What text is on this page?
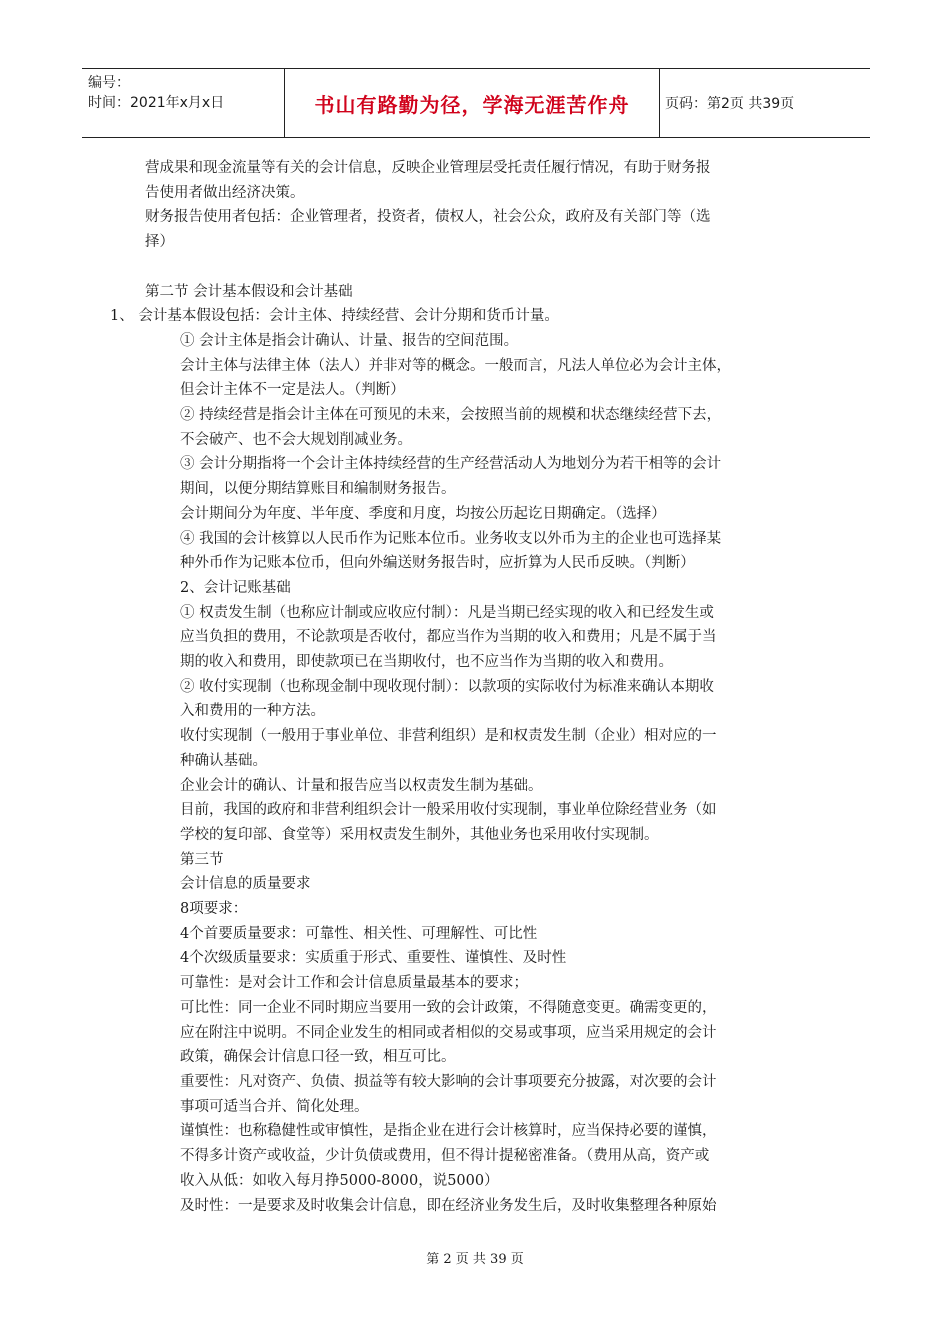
编号：
时间：2021年x月x日	书山有路勤为径，学海无涯苦作舟	页码：第2页 共39页

营成果和现金流量等有关的会计信息，反映企业管理层受托责任履行情况，有助于财务报

告使用者做出经济决策。

财务报告使用者包括：企业管理者，投资者，债权人，社会公众，政府及有关部门等（选

择）

第二节 会计基本假设和会计基础

1、 会计基本假设包括：会计主体、持续经营、会计分期和货币计量。

① 会计主体是指会计确认、计量、报告的空间范围。

会计主体与法律主体（法人）并非对等的概念。一般而言，凡法人单位必为会计主体，

但会计主体不一定是法人。（判断）

② 持续经营是指会计主体在可预见的未来，会按照当前的规模和状态继续经营下去，

不会破产、也不会大规划削减业务。

③ 会计分期指将一个会计主体持续经营的生产经营活动人为地划分为若干相等的会计

期间，以便分期结算账目和编制财务报告。

会计期间分为年度、半年度、季度和月度，均按公历起讫日期确定。（选择）

④ 我国的会计核算以人民币作为记账本位币。业务收支以外币为主的企业也可选择某

种外币作为记账本位币，但向外编送财务报告时，应折算为人民币反映。（判断）

2、会计记账基础

① 权责发生制（也称应计制或应收应付制）：凡是当期已经实现的收入和已经发生或

应当负担的费用，不论款项是否收付，都应当作为当期的收入和费用；凡是不属于当

期的收入和费用，即使款项已在当期收付，也不应当作为当期的收入和费用。

② 收付实现制（也称现金制中现收现付制）：以款项的实际收付为标准来确认本期收

入和费用的一种方法。

收付实现制（一般用于事业单位、非营利组织）是和权责发生制（企业）相对应的一

种确认基础。

企业会计的确认、计量和报告应当以权责发生制为基础。

目前，我国的政府和非营利组织会计一般采用收付实现制，事业单位除经营业务（如

学校的复印部、食堂等）采用权责发生制外，其他业务也采用收付实现制。

第三节

会计信息的质量要求

8项要求：

4个首要质量要求：可靠性、相关性、可理解性、可比性

4个次级质量要求：实质重于形式、重要性、谨慎性、及时性

可靠性：是对会计工作和会计信息质量最基本的要求；

可比性：同一企业不同时期应当要用一致的会计政策，不得随意变更。确需变更的，

应在附注中说明。不同企业发生的相同或者相似的交易或事项，应当采用规定的会计

政策，确保会计信息口径一致，相互可比。

重要性：凡对资产、负债、损益等有较大影响的会计事项要充分披露，对次要的会计

事项可适当合并、简化处理。

谨慎性：也称稳健性或审慎性，是指企业在进行会计核算时，应当保持必要的谨慎，

不得多计资产或收益，少计负债或费用，但不得计提秘密准备。（费用从高，资产或

收入从低：如收入每月挣5000-8000，说5000）

及时性：一是要求及时收集会计信息，即在经济业务发生后，及时收集整理各种原始

第 2 页 共 39 页
